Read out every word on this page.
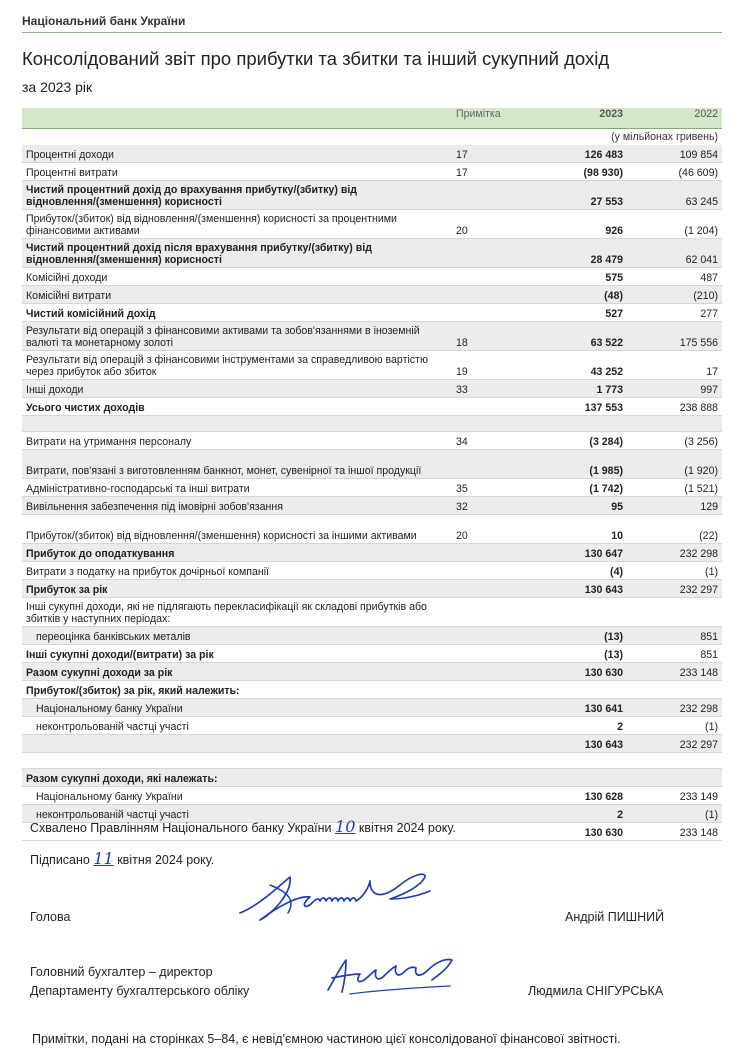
Національний банк України
Консолідований звіт про прибутки та збитки та інший сукупний дохід
за 2023 рік
Примітка	2023	2022
(у мільйонах гривень)
Процентні доходи	17	126 483	109 854
Процентні витрати	17	(98 930)	(46 609)
Чистий процентний дохід до врахування прибутку/(збитку) від відновлення/(зменшення) корисності	27 553	63 245
Прибуток/(збиток) від відновлення/(зменшення) корисності за процентними фінансовими активами	20	926	(1 204)
Чистий процентний дохід після врахування прибутку/(збитку) від відновлення/(зменшення) корисності	28 479	62 041
Комісійні доходи	575	487
Комісійні витрати	(48)	(210)
Чистий комісійний дохід	527	277
Результати від операцій з фінансовими активами та зобов'язаннями в іноземній валюті та монетарному золоті	18	63 522	175 556
Результати від операцій з фінансовими інструментами за справедливою вартістю через прибуток або збиток	19	43 252	17
Інші доходи	33	1 773	997
Усього чистих доходів	137 553	238 888
Витрати на утримання персоналу	34	(3 284)	(3 256)
Витрати, пов'язані з виготовленням банкнот, монет, сувенірної та іншої продукції	(1 985)	(1 920)
Адміністративно-господарські та інші витрати	35	(1 742)	(1 521)
Вивільнення забезпечення під імовірні зобов'язання	32	95	129
Прибуток/(збиток) від відновлення/(зменшення) корисності за іншими активами	20	10	(22)
Прибуток до оподаткування	130 647	232 298
Витрати з податку на прибуток дочірньої компанії	(4)	(1)
Прибуток за рік	130 643	232 297
Інші сукупні доходи, які не підлягають перекласифікації як складові прибутків або збитків у наступних періодах:
переоцінка банківських металів	(13)	851
Інші сукупні доходи/(витрати) за рік	(13)	851
Разом сукупні доходи за рік	130 630	233 148
Прибуток/(збиток) за рік, який належить:
Національному банку України	130 641	232 298
неконтрольованій частці участі	2	(1)
130 643	232 297
Разом сукупні доходи, які належать:
Національному банку України	130 628	233 149
неконтрольованій частці участі	2	(1)
130 630	233 148
Схвалено Правлінням Національного банку України 10 квітня 2024 року.
Підписано 11 квітня 2024 року.
Голова	Андрій ПИШНИЙ
Головний бухгалтер – директор
Департаменту бухгалтерського обліку	Людмила СНІГУРСЬКА
Примітки, подані на сторінках 5–84, є невід'ємною частиною цієї консолідованої фінансової звітності.
